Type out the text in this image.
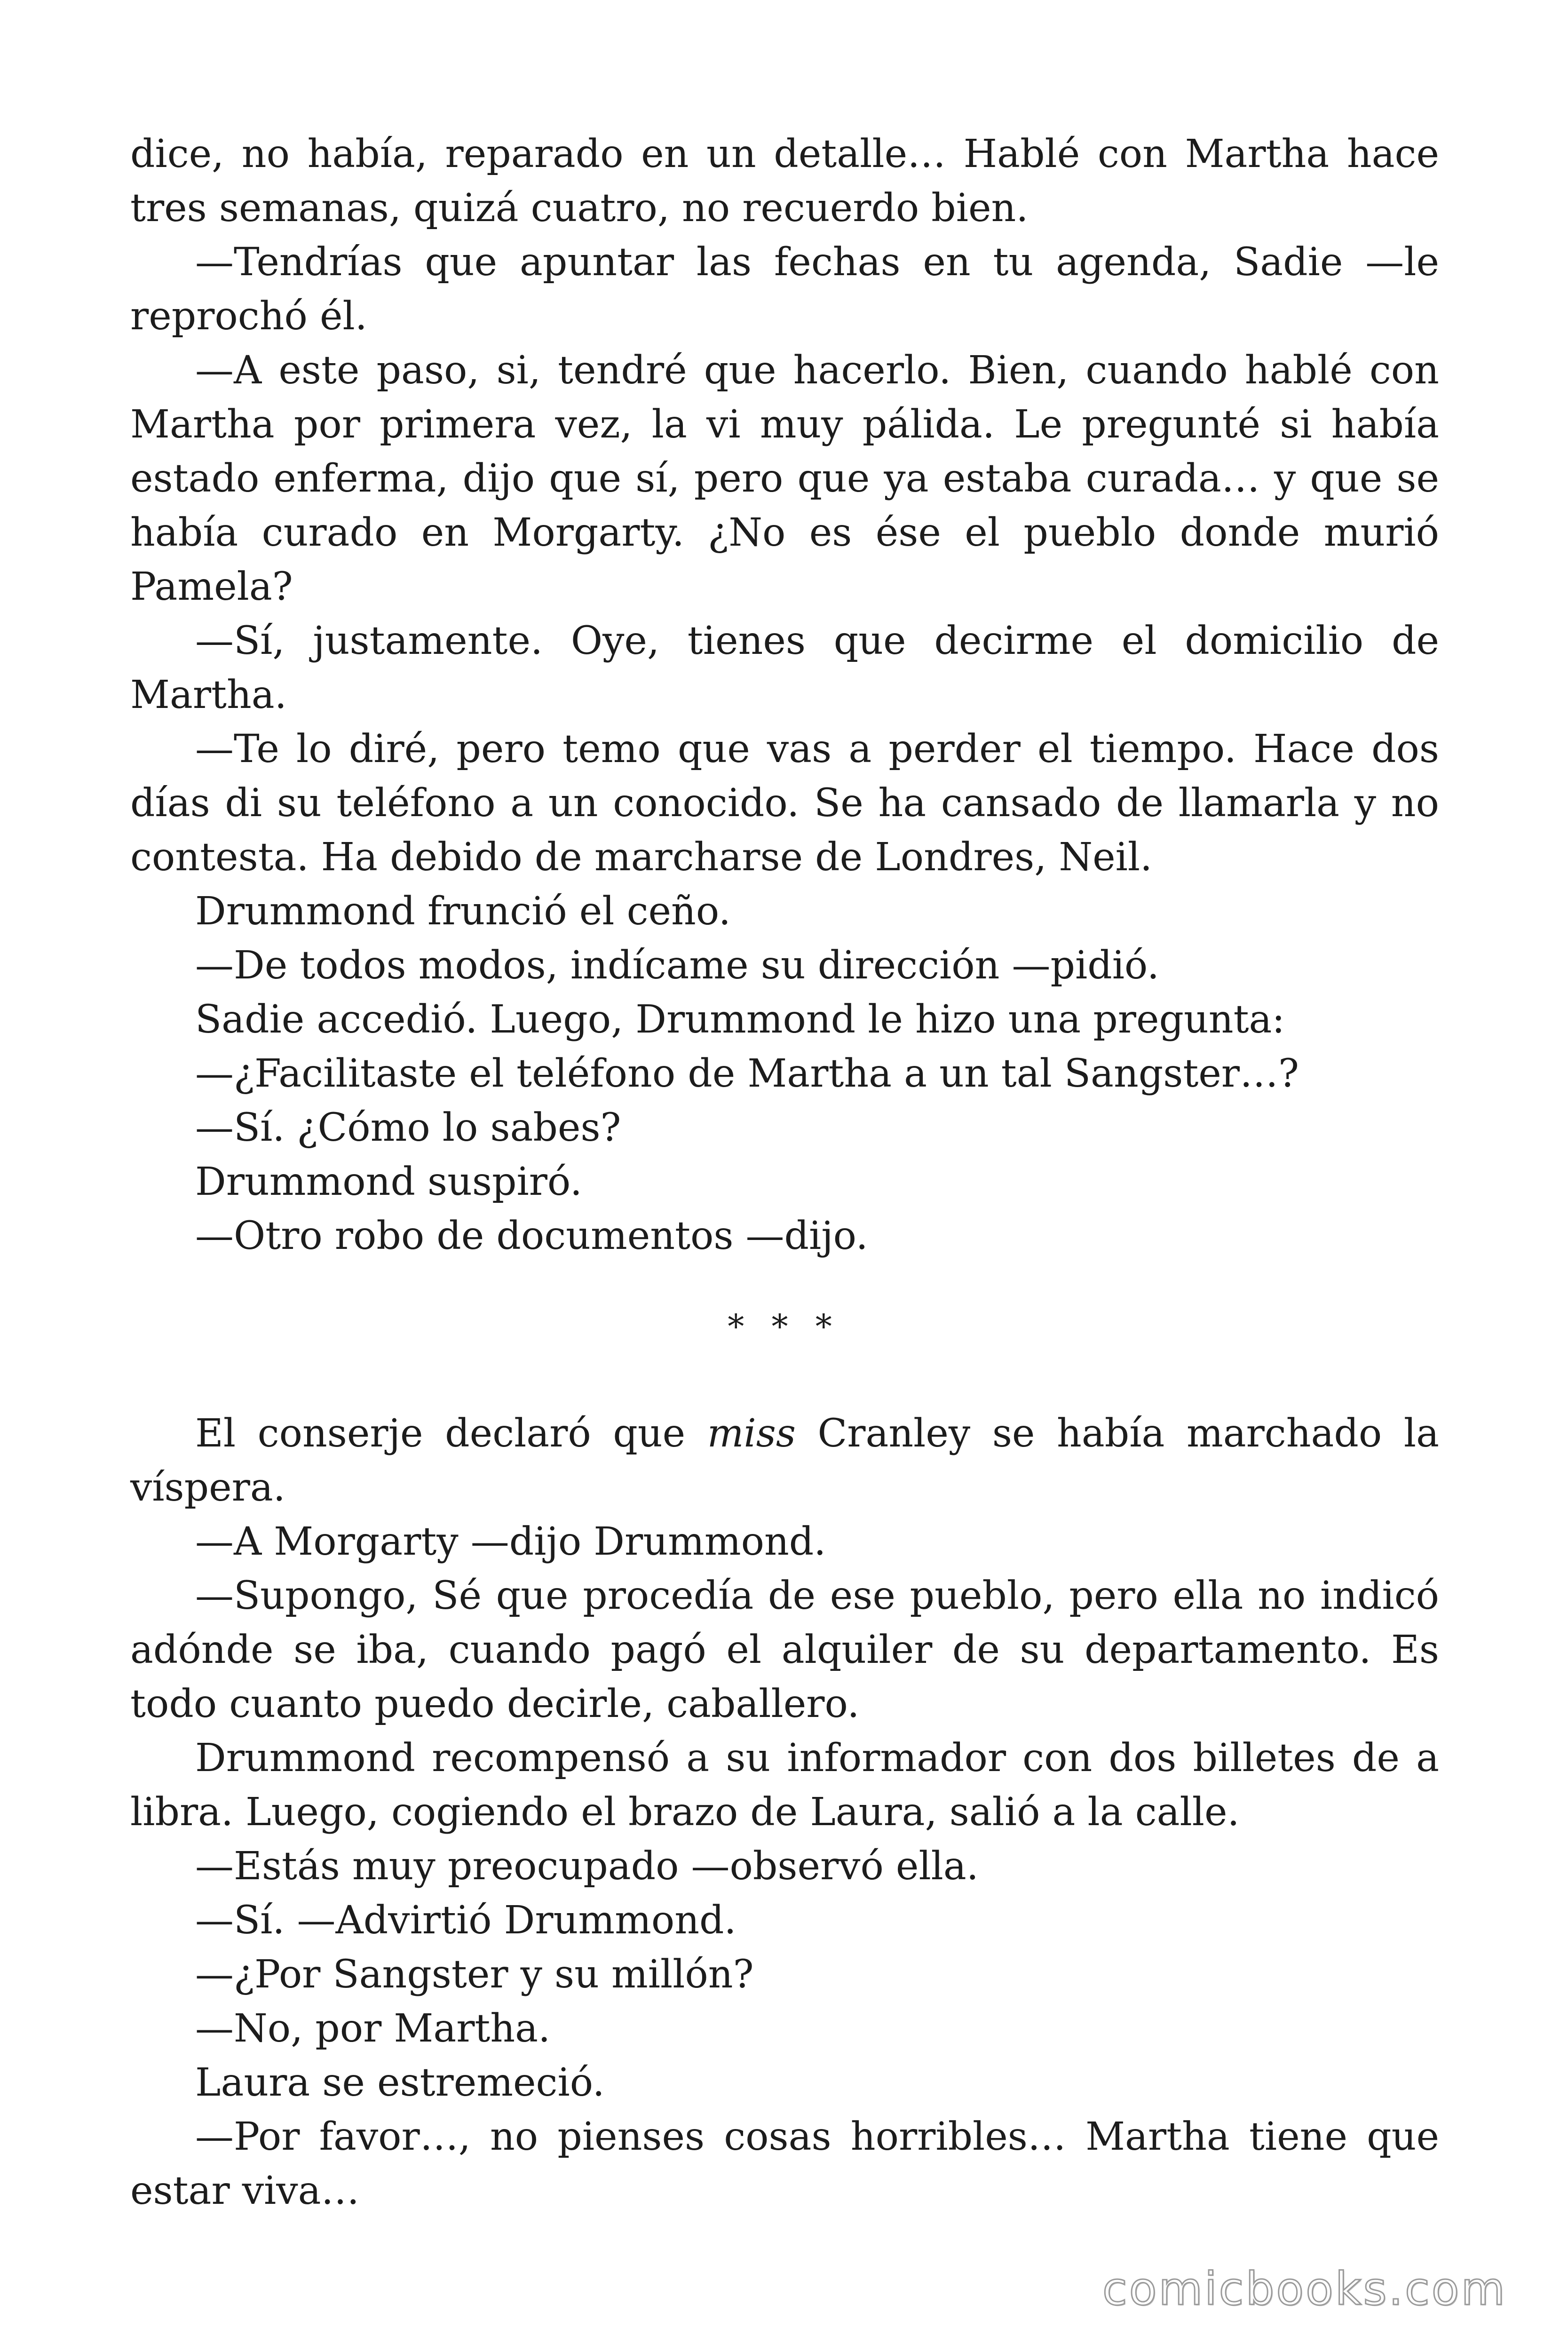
dice, no había, reparado en un detalle… Hablé con Martha hace tres semanas, quizá cuatro, no recuerdo bien.

—Tendrías que apuntar las fechas en tu agenda, Sadie —le reprochó él.

—A este paso, si, tendré que hacerlo. Bien, cuando hablé con Martha por primera vez, la vi muy pálida. Le pregunté si había estado enferma, dijo que sí, pero que ya estaba curada… y que se había curado en Morgarty. ¿No es ése el pueblo donde murió Pamela?

—Sí, justamente. Oye, tienes que decirme el domicilio de Martha.

—Te lo diré, pero temo que vas a perder el tiempo. Hace dos días di su teléfono a un conocido. Se ha cansado de llamarla y no contesta. Ha debido de marcharse de Londres, Neil.

Drummond frunció el ceño.

—De todos modos, indícame su dirección —pidió.

Sadie accedió. Luego, Drummond le hizo una pregunta:

—¿Facilitaste el teléfono de Martha a un tal Sangster…?

—Sí. ¿Cómo lo sabes?

Drummond suspiró.

—Otro robo de documentos —dijo.

* * *

El conserje declaró que miss Cranley se había marchado la víspera.

—A Morgarty —dijo Drummond.

—Supongo, Sé que procedía de ese pueblo, pero ella no indicó adónde se iba, cuando pagó el alquiler de su departamento. Es todo cuanto puedo decirle, caballero.

Drummond recompensó a su informador con dos billetes de a libra. Luego, cogiendo el brazo de Laura, salió a la calle.

—Estás muy preocupado —observó ella.

—Sí. —Advirtió Drummond.

—¿Por Sangster y su millón?

—No, por Martha.

Laura se estremeció.

—Por favor…, no pienses cosas horribles… Martha tiene que estar viva…

comicbooks.com
